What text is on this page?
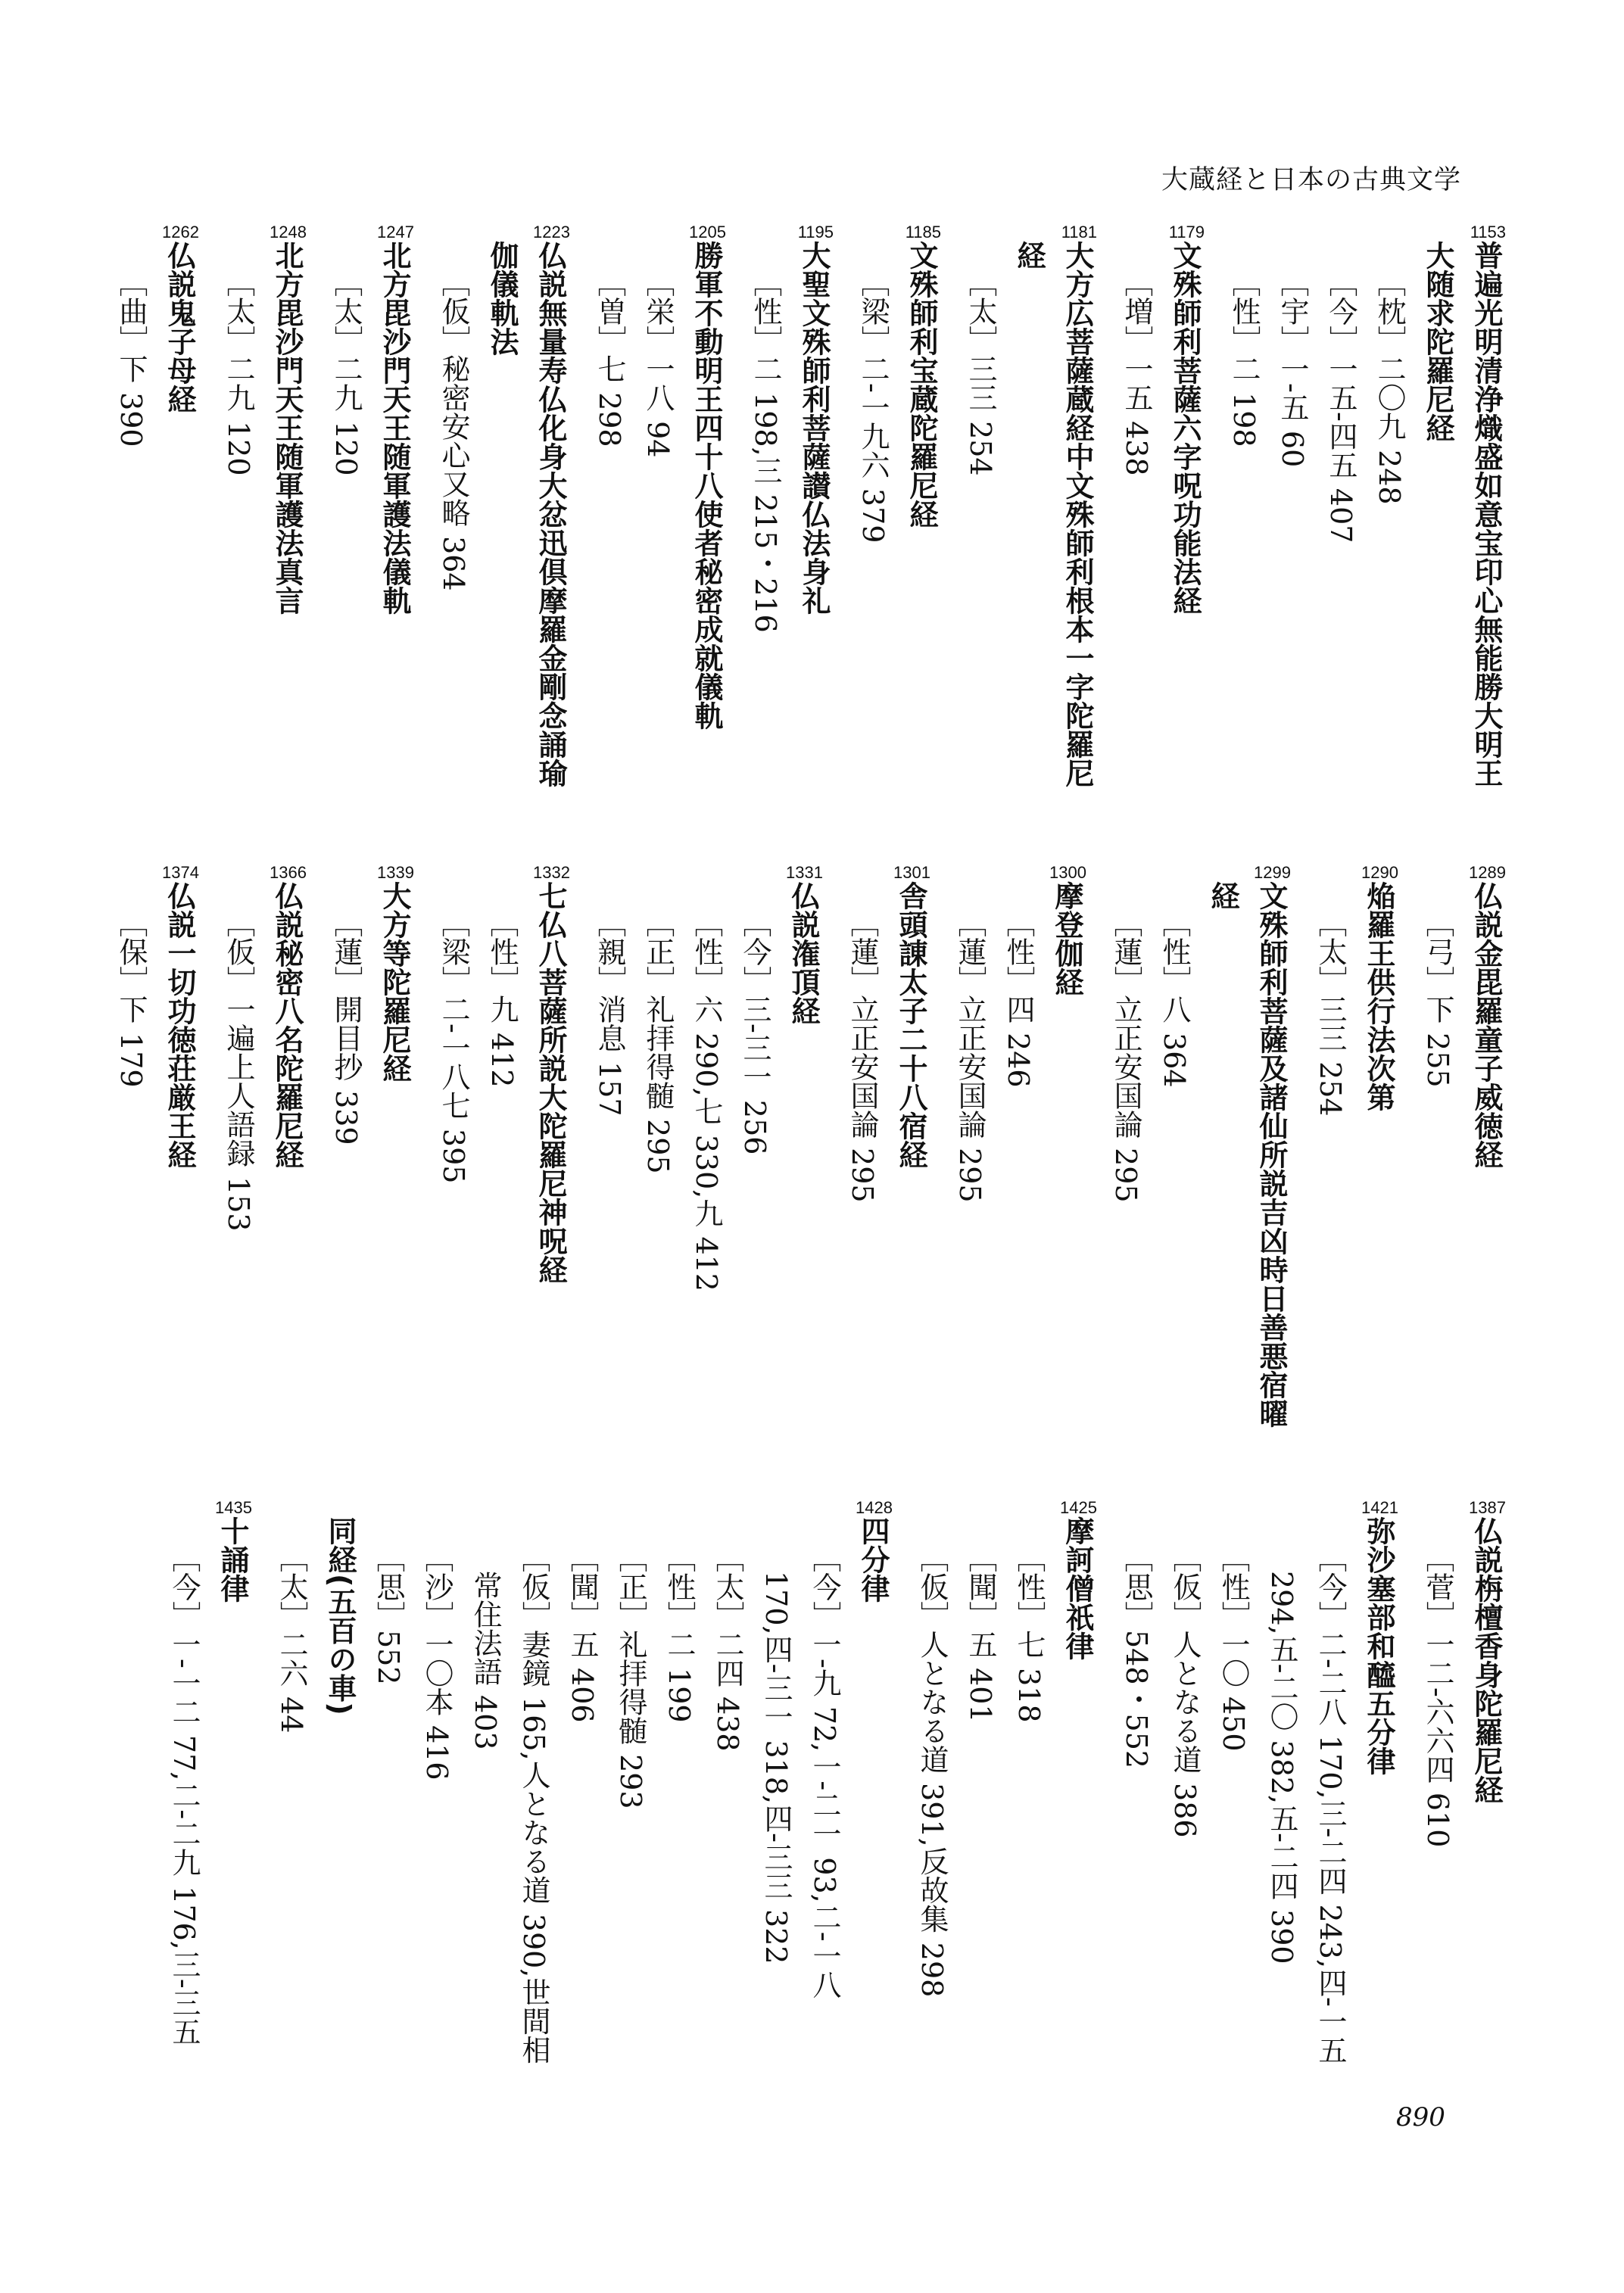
大蔵経と日本の古典文学
1153
普遍光明清浄熾盛如意宝印心無能勝大明王
大随求陀羅尼経
［枕］二〇九 248
［今］一五-四五 407
［宇］一-五 60
［性］二 198
1179
文殊師利菩薩六字呪功能法経
［増］一五 438
1181
大方広菩薩蔵経中文殊師利根本一字陀羅尼
経
［太］三三 254
1185
文殊師利宝蔵陀羅尼経
［梁］二-一九六 379
1195
大聖文殊師利菩薩讃仏法身礼
［性］二 198,三 215・216
1205
勝軍不動明王四十八使者秘密成就儀軌
［栄］一八 94
［曽］七 298
1223
仏説無量寿仏化身大忿迅倶摩羅金剛念誦瑜
伽儀軌法
［仮］秘密安心又略 364
1247
北方毘沙門天王随軍護法儀軌
［太］二九 120
1248
北方毘沙門天王随軍護法真言
［太］二九 120
1262
仏説鬼子母経
［曲］下 390
1289
仏説金毘羅童子威徳経
［弓］下 255
1290
焔羅王供行法次第
［太］三三 254
1299
文殊師利菩薩及諸仙所説吉凶時日善悪宿曜
経
［性］八 364
［蓮］立正安国論 295
1300
摩登伽経
［性］四 246
［蓮］立正安国論 295
1301
舎頭諌太子二十八宿経
［蓮］立正安国論 295
1331
仏説潅頂経
［今］三-三一 256
［性］六 290,七 330,九 412
［正］礼拝得髄 295
［親］消息 157
1332
七仏八菩薩所説大陀羅尼神呪経
［性］九 412
［梁］二-一八七 395
1339
大方等陀羅尼経
［蓮］開目抄 339
1366
仏説秘密八名陀羅尼経
［仮］一遍上人語録 153
1374
仏説一切功徳荘厳王経
［保］下 179
1387
仏説栴檀香身陀羅尼経
［菅］一二-六六四 610
1421
弥沙塞部和醯五分律
［今］二-二八 170,三-二四 243,四-一五
294,五-二〇 382,五-二四 390
［性］一〇 450
［仮］人となる道 386
［思］548・552
1425
摩訶僧祇律
［性］七 318
［聞］五 401
［仮］人となる道 391,反故集 298
1428
四分律
［今］一-九 72,一-二一 93,二-一八
170,四-三一 318,四-三三 322
［太］二四 438
［性］二 199
［正］礼拝得髄 293
［聞］五 406
［仮］妻鏡 165,人となる道 390,世間相
常住法語 403
［沙］一〇本 416
［思］552
同経(五百の車)
［太］二六 44
1435
十誦律
［今］一-一二 77,二-二九 176,三-三五
890
